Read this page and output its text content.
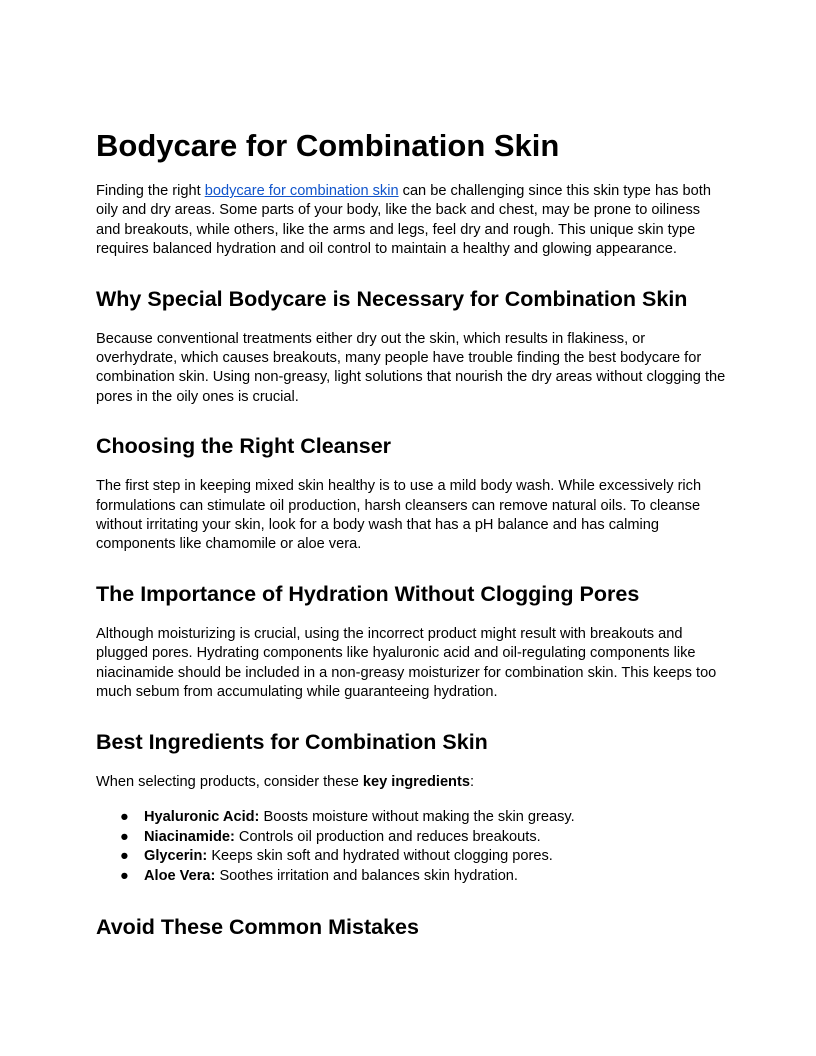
Bodycare for Combination Skin

Finding the right bodycare for combination skin can be challenging since this skin type has both oily and dry areas. Some parts of your body, like the back and chest, may be prone to oiliness and breakouts, while others, like the arms and legs, feel dry and rough. This unique skin type requires balanced hydration and oil control to maintain a healthy and glowing appearance.

Why Special Bodycare is Necessary for Combination Skin

Because conventional treatments either dry out the skin, which results in flakiness, or overhydrate, which causes breakouts, many people have trouble finding the best bodycare for combination skin. Using non-greasy, light solutions that nourish the dry areas without clogging the pores in the oily ones is crucial.

Choosing the Right Cleanser

The first step in keeping mixed skin healthy is to use a mild body wash. While excessively rich formulations can stimulate oil production, harsh cleansers can remove natural oils. To cleanse without irritating your skin, look for a body wash that has a pH balance and has calming components like chamomile or aloe vera.

The Importance of Hydration Without Clogging Pores

Although moisturizing is crucial, using the incorrect product might result with breakouts and plugged pores. Hydrating components like hyaluronic acid and oil-regulating components like niacinamide should be included in a non-greasy moisturizer for combination skin. This keeps too much sebum from accumulating while guaranteeing hydration.

Best Ingredients for Combination Skin

When selecting products, consider these key ingredients:

● Hyaluronic Acid: Boosts moisture without making the skin greasy.
● Niacinamide: Controls oil production and reduces breakouts.
● Glycerin: Keeps skin soft and hydrated without clogging pores.
● Aloe Vera: Soothes irritation and balances skin hydration.
Avoid These Common Mistakes
